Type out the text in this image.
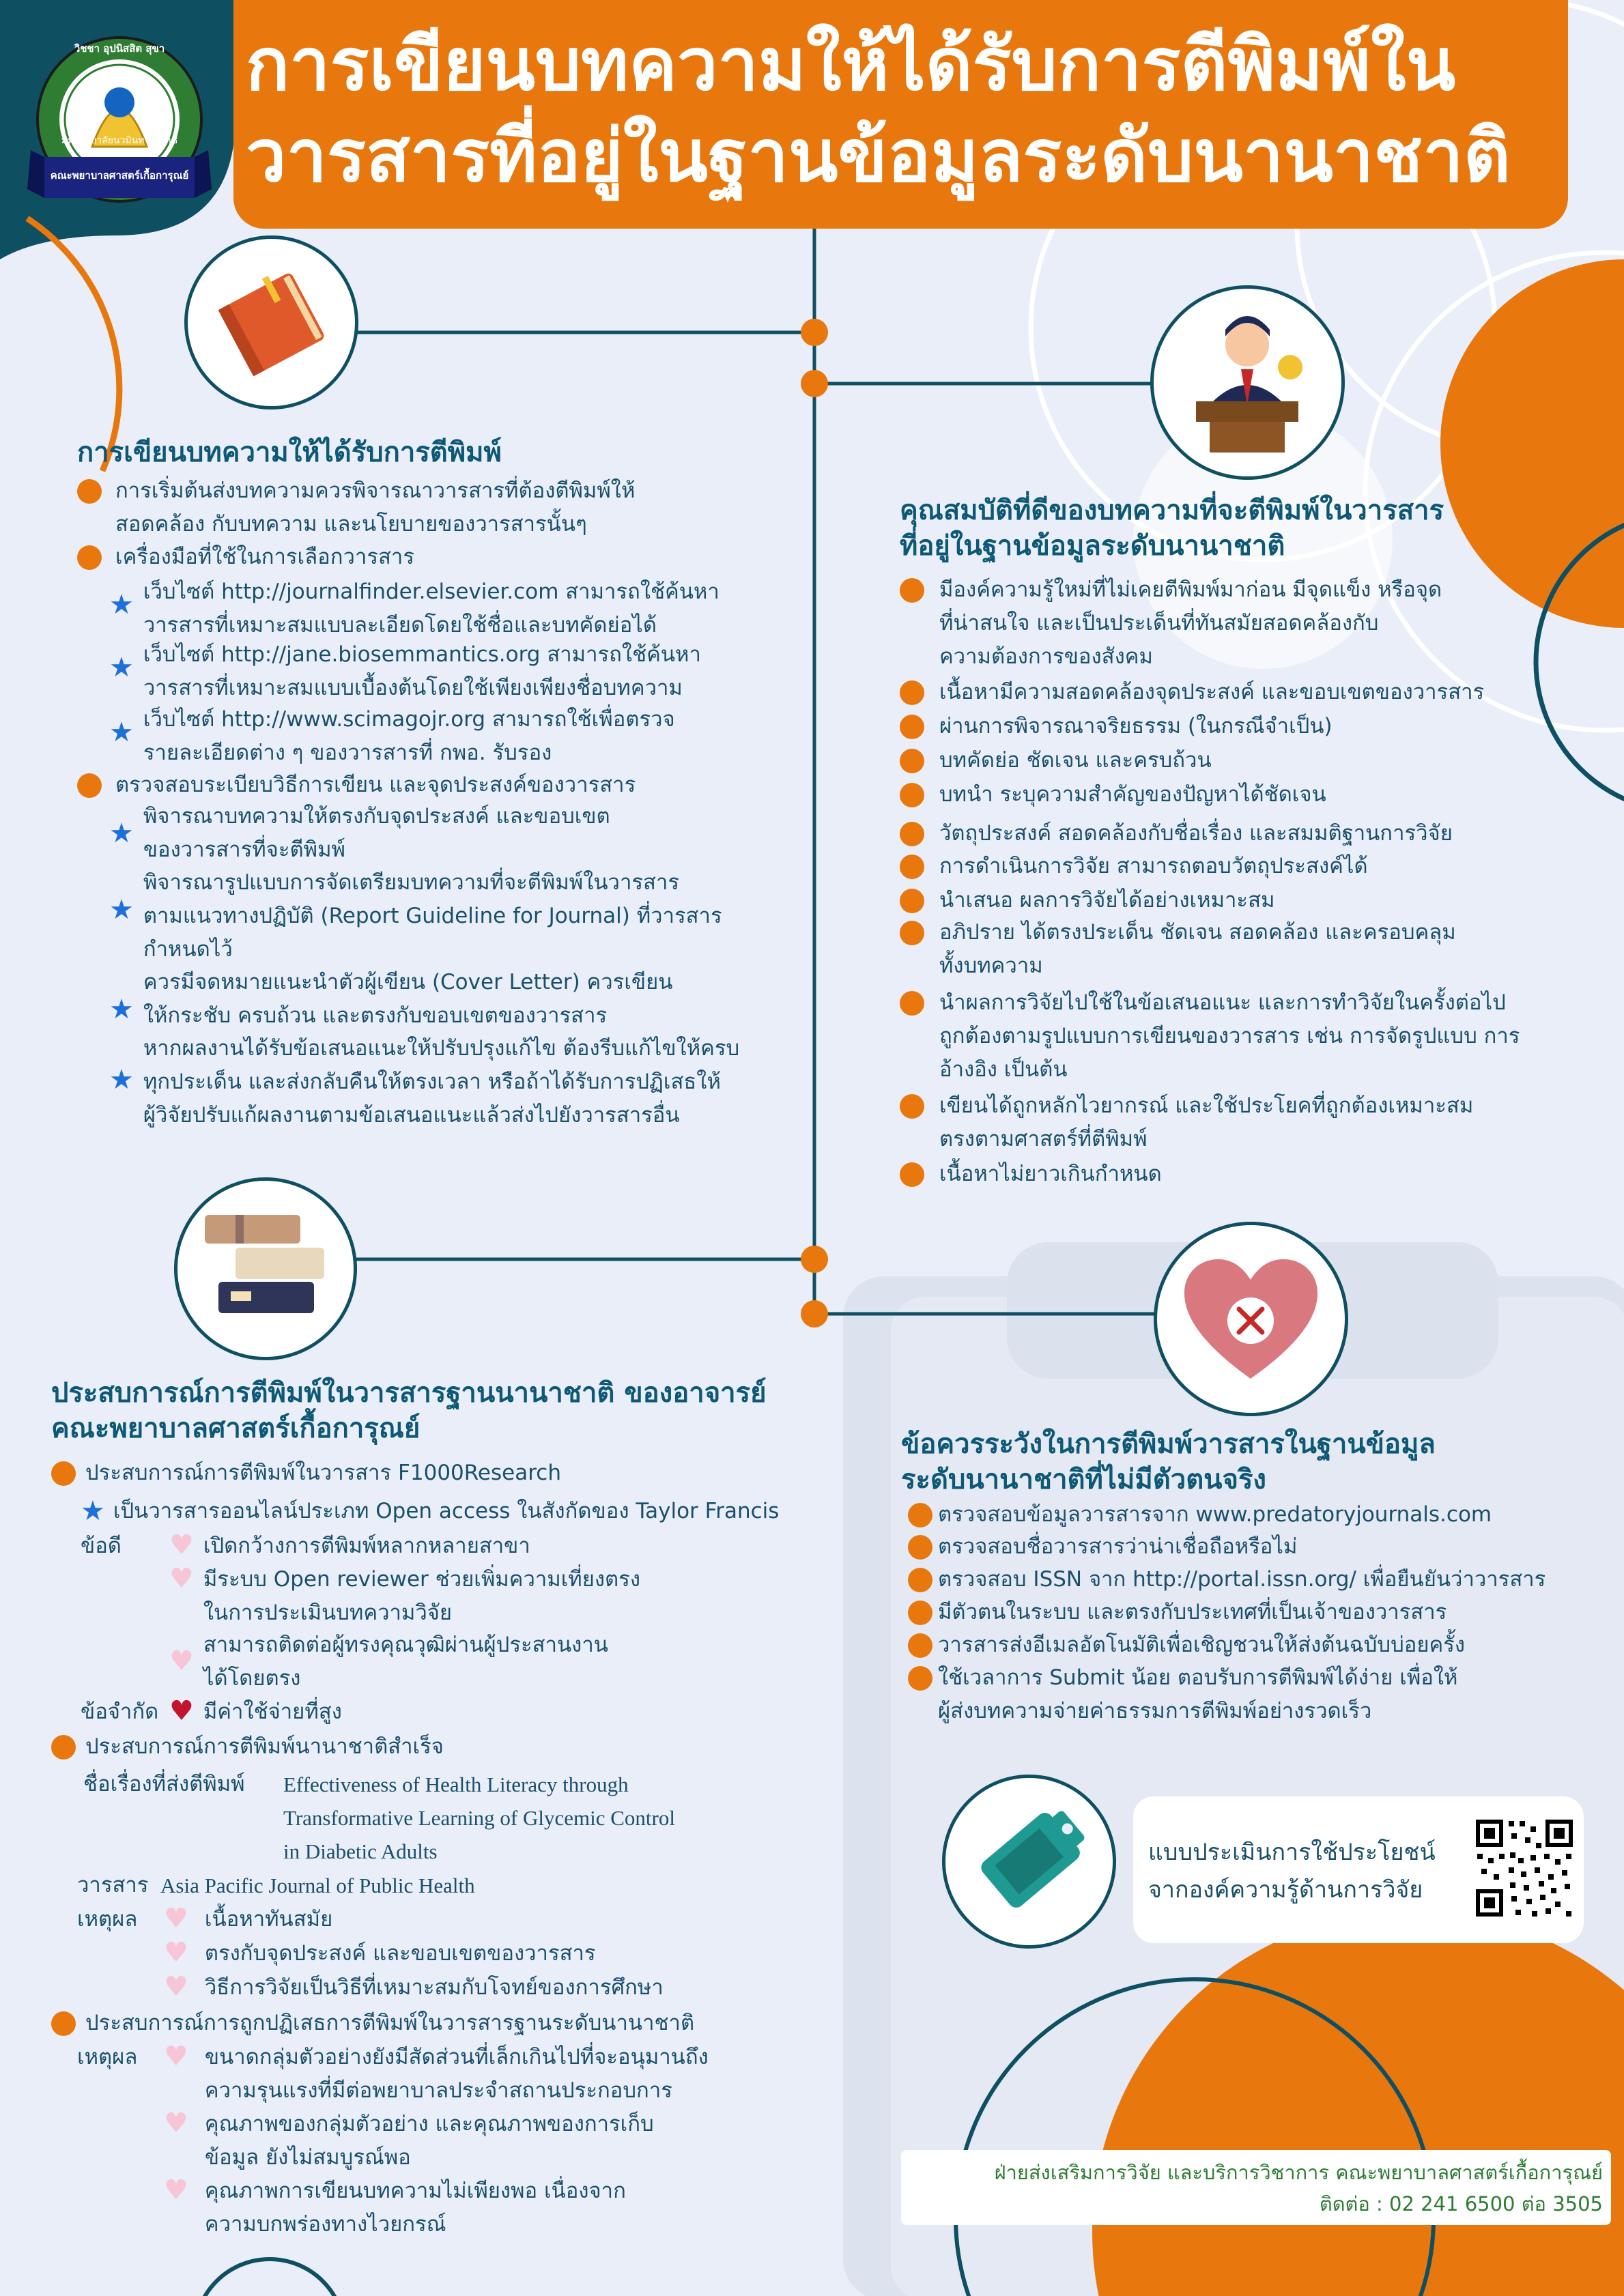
การเขียนบทความให้ได้รับการตีพิมพ์ใน
วารสารที่อยู่ในฐานข้อมูลระดับนานาชาติ
วิชชา อุปนิสสิต สุขา
มหาวิทยาลัยนวมินทราธิราช
คณะพยาบาลศาสตร์เกื้อการุณย์
การเขียนบทความให้ได้รับการตีพิมพ์
การเริ่มต้นส่งบทความควรพิจารณาวารสารที่ต้องตีพิมพ์ให้
สอดคล้อง กับบทความ และนโยบายของวารสารนั้นๆ
เครื่องมือที่ใช้ในการเลือกวารสาร
★ เว็บไซต์ http://journalfinder.elsevier.com สามารถใช้ค้นหา
วารสารที่เหมาะสมแบบละเอียดโดยใช้ชื่อและบทคัดย่อได้
★ เว็บไซต์ http://jane.biosemmantics.org สามารถใช้ค้นหา
วารสารที่เหมาะสมแบบเบื้องต้นโดยใช้เพียงเพียงชื่อบทความ
★ เว็บไซต์ http://www.scimagojr.org สามารถใช้เพื่อตรวจ
รายละเอียดต่าง ๆ ของวารสารที่ กพอ. รับรอง
ตรวจสอบระเบียบวิธีการเขียน และจุดประสงค์ของวารสาร
★
พิจารณาบทความให้ตรงกับจุดประสงค์ และขอบเขต
ของวารสารที่จะตีพิมพ์
★
พิจารณารูปแบบการจัดเตรียมบทความที่จะตีพิมพ์ในวารสาร
ตามแนวทางปฏิบัติ (Report Guideline for Journal) ที่วารสาร
กำหนดไว้
★
ควรมีจดหมายแนะนำตัวผู้เขียน (Cover Letter) ควรเขียน
ให้กระชับ ครบถ้วน และตรงกับขอบเขตของวารสาร
★
หากผลงานได้รับข้อเสนอแนะให้ปรับปรุงแก้ไข ต้องรีบแก้ไขให้ครบ
ทุกประเด็น และส่งกลับคืนให้ตรงเวลา หรือถ้าได้รับการปฏิเสธให้
ผู้วิจัยปรับแก้ผลงานตามข้อเสนอแนะแล้วส่งไปยังวารสารอื่น
ประสบการณ์การตีพิมพ์ในวารสารฐานนานาชาติ ของอาจารย์
คณะพยาบาลศาสตร์เกื้อการุณย์
ประสบการณ์การตีพิมพ์ในวารสาร F1000Research
★ เป็นวารสารออนไลน์ประเภท Open access ในสังกัดของ Taylor Francis
ข้อดี ♥ เปิดกว้างการตีพิมพ์หลากหลายสาขา
♥ มีระบบ Open reviewer ช่วยเพิ่มความเที่ยงตรง
ในการประเมินบทความวิจัย
♥
สามารถติดต่อผู้ทรงคุณวุฒิผ่านผู้ประสานงาน
ได้โดยตรง
ข้อจำกัด ♥ มีค่าใช้จ่ายที่สูง
ประสบการณ์การตีพิมพ์นานาชาติสำเร็จ
ชื่อเรื่องที่ส่งตีพิมพ์ Effectiveness of Health Literacy through
Transformative Learning of Glycemic Control
in Diabetic Adults
วารสาร Asia Pacific Journal of Public Health
เหตุผล ♥ เนื้อหาทันสมัย
♥ ตรงกับจุดประสงค์ และขอบเขตของวารสาร
♥ วิธีการวิจัยเป็นวิธีที่เหมาะสมกับโจทย์ของการศึกษา
ประสบการณ์การถูกปฏิเสธการตีพิมพ์ในวารสารฐานระดับนานาชาติ
เหตุผล ♥ ขนาดกลุ่มตัวอย่างยังมีสัดส่วนที่เล็กเกินไปที่จะอนุมานถึง
ความรุนแรงที่มีต่อพยาบาลประจำสถานประกอบการ
♥ คุณภาพของกลุ่มตัวอย่าง และคุณภาพของการเก็บ
ข้อมูล ยังไม่สมบูรณ์พอ
♥ คุณภาพการเขียนบทความไม่เพียงพอ เนื่องจาก
ความบกพร่องทางไวยกรณ์
คุณสมบัติที่ดีของบทความที่จะตีพิมพ์ในวารสาร
ที่อยู่ในฐานข้อมูลระดับนานาชาติ
มีองค์ความรู้ใหม่ที่ไม่เคยตีพิมพ์มาก่อน มีจุดแข็ง หรือจุด
ที่น่าสนใจ และเป็นประเด็นที่ทันสมัยสอดคล้องกับ
ความต้องการของสังคม
เนื้อหามีความสอดคล้องจุดประสงค์ และขอบเขตของวารสาร
ผ่านการพิจารณาจริยธรรม (ในกรณีจำเป็น)
บทคัดย่อ ชัดเจน และครบถ้วน
บทนำ ระบุความสำคัญของปัญหาได้ชัดเจน
วัตถุประสงค์ สอดคล้องกับชื่อเรื่อง และสมมติฐานการวิจัย
การดำเนินการวิจัย สามารถตอบวัตถุประสงค์ได้
นำเสนอ ผลการวิจัยได้อย่างเหมาะสม
อภิปราย ได้ตรงประเด็น ชัดเจน สอดคล้อง และครอบคลุม
ทั้งบทความ
นำผลการวิจัยไปใช้ในข้อเสนอแนะ และการทำวิจัยในครั้งต่อไป
ถูกต้องตามรูปแบบการเขียนของวารสาร เช่น การจัดรูปแบบ การ
อ้างอิง เป็นต้น
เขียนได้ถูกหลักไวยากรณ์ และใช้ประโยคที่ถูกต้องเหมาะสม
ตรงตามศาสตร์ที่ตีพิมพ์
เนื้อหาไม่ยาวเกินกำหนด
ข้อควรระวังในการตีพิมพ์วารสารในฐานข้อมูล
ระดับนานาชาติที่ไม่มีตัวตนจริง
ตรวจสอบข้อมูลวารสารจาก www.predatoryjournals.com
ตรวจสอบชื่อวารสารว่าน่าเชื่อถือหรือไม่
ตรวจสอบ ISSN จาก http://portal.issn.org/ เพื่อยืนยันว่าวารสาร
มีตัวตนในระบบ และตรงกับประเทศที่เป็นเจ้าของวารสาร
วารสารส่งอีเมลอัตโนมัติเพื่อเชิญชวนให้ส่งต้นฉบับบ่อยครั้ง
ใช้เวลาการ Submit น้อย ตอบรับการตีพิมพ์ได้ง่าย เพื่อให้
ผู้ส่งบทความจ่ายค่าธรรมการตีพิมพ์อย่างรวดเร็ว
แบบประเมินการใช้ประโยชน์
จากองค์ความรู้ด้านการวิจัย
ฝ่ายส่งเสริมการวิจัย และบริการวิชาการ คณะพยาบาลศาสตร์เกื้อการุณย์
ติดต่อ : 02 241 6500 ต่อ 3505
